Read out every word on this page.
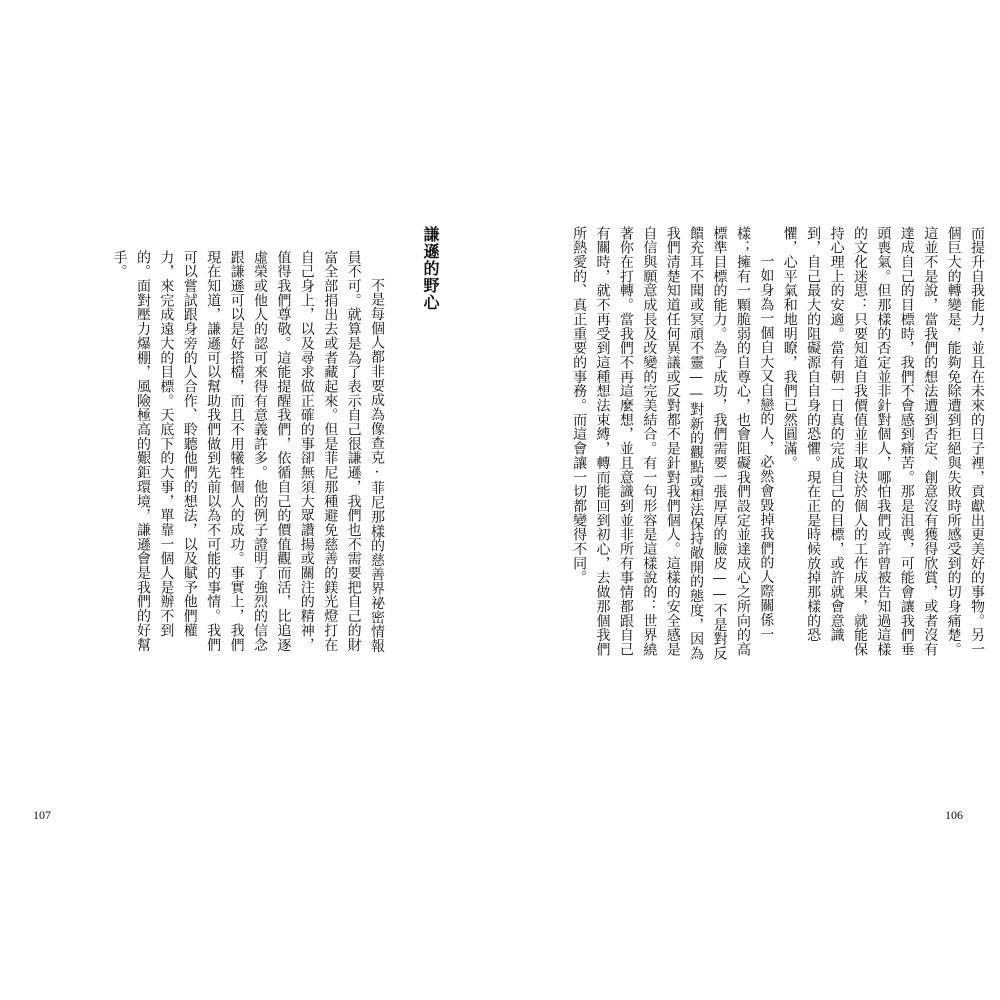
謙遜的野心

不是每個人都非要成為像查克·菲尼那樣的慈善界祕密情報員不可。就算是為了表示自己很謙遜，我們也不需要把自己的財富全部捐出去或者藏起來。但是菲尼那種避免慈善的鎂光燈打在自己身上，以及尋求做正確的事卻無須大眾讚揚或關注的精神，值得我們尊敬。這能提醒我們，依循自己的價值觀而活，比追逐虛榮或他人的認可來得有意義許多。他的例子證明了強烈的信念跟謙遜可以是好搭檔，而且不用犧牲個人的成功。事實上，我們現在知道，謙遜可以幫助我們做到先前以為不可能的事情。我們可以嘗試跟身旁的人合作、聆聽他們的想法，以及賦予他們權力，來完成遠大的目標。天底下的大事，單靠一個人是辦不到的。面對壓力爆棚，風險極高的艱鉅環境，謙遜會是我們的好幫手。

107

而提升自我能力，並且在未來的日子裡，貢獻出更美好的事物。另一個巨大的轉變是，能夠免除遭到拒絕與失敗時所感受到的切身痛楚。這並不是說，當我們的想法遭到否定、創意沒有獲得欣賞，或者沒有達成自己的目標時，我們不會感到痛苦。那是沮喪，可能會讓我們垂頭喪氣。但那樣的否定並非針對個人，哪怕我們或許曾被告知過這樣的文化迷思：只要知道自我價值並非取決於個人的工作成果，就能保持心理上的安適。當有朝一日真的完成自己的目標，或許就會意識到，自己最大的阻礙源自自身的恐懼。現在正是時候放掉那樣的恐懼，心平氣和地明瞭，我們已然圓滿。

一如身為一個自大又自戀的人，必然會毀掉我們的人際關係一樣；擁有一顆脆弱的自尊心，也會阻礙我們設定並達成心之所向的高標準目標的能力。為了成功，我們需要一張厚厚的臉皮——不是對反饋充耳不聞或冥頑不靈——對新的觀點或想法保持敞開的態度，因為我們清楚知道任何異議或反對都不是針對我們個人。這樣的安全感是自信與願意成長及改變的完美結合。有一句形容是這樣說的：世界繞著你在打轉。當我們不再這麼想，並且意識到並非所有事情都跟自己有關時，就不再受到這種想法束縛，轉而能回到初心，去做那個我們所熱愛的、真正重要的事務。而這會讓一切都變得不同。

106
